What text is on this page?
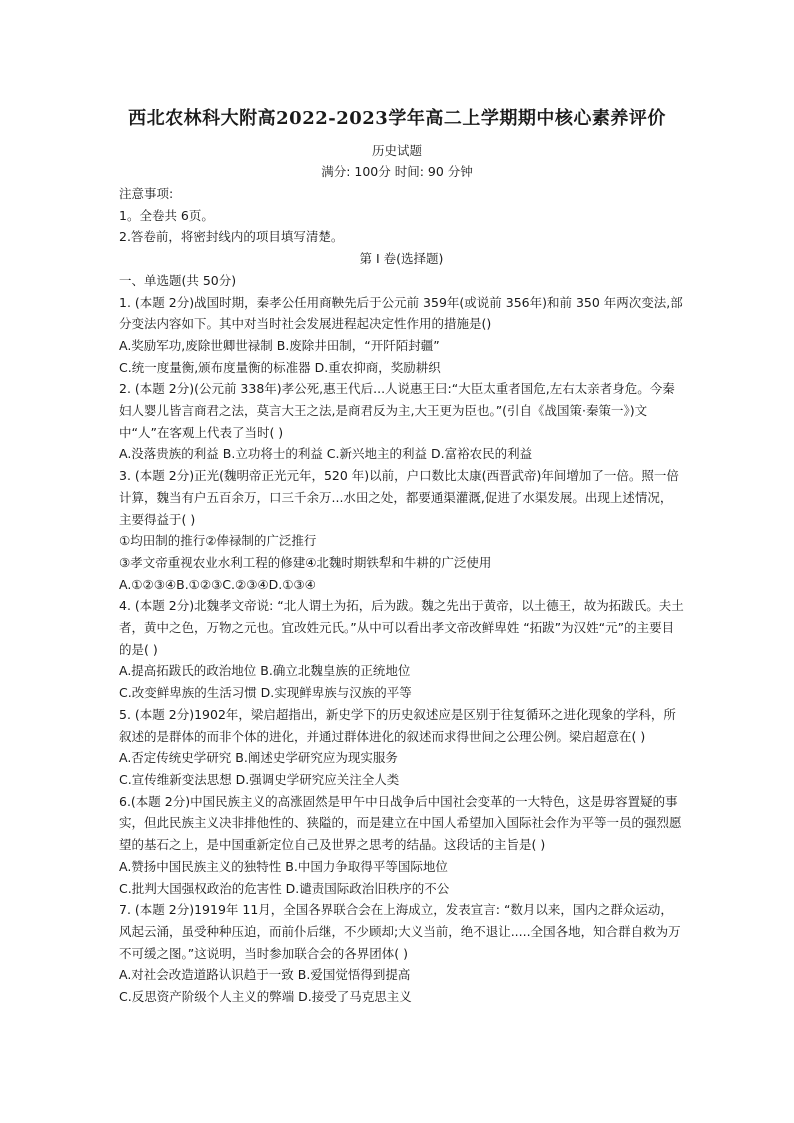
西北农林科大附高2022-2023学年高二上学期期中核心素养评价
历史试题
满分: 100分 时间: 90 分钟
注意事项:
1。全卷共 6页。
2.答卷前，将密封线内的项目填写清楚。
第 I 卷(选择题)
一、单选题(共 50分)
1. (本题 2分)战国时期，秦孝公任用商鞅先后于公元前 359年(或说前 356年)和前 350 年两次变法,部分变法内容如下。其中对当时社会发展进程起决定性作用的措施是()
A.奖励军功,废除世卿世禄制 B.废除井田制，“开阡陌封疆”
C.统一度量衡,颁布度量衡的标准器 D.重农抑商，奖励耕织
2. (本题 2分)(公元前 338年)孝公死,惠王代后...人说惠王曰:“大臣太重者国危,左右太亲者身危。今秦妇人婴儿皆言商君之法，莫言大王之法,是商君反为主,大王更为臣也。”(引自《战国策·秦策一》)文中“人”在客观上代表了当时( )
A.没落贵族的利益 B.立功将士的利益 C.新兴地主的利益 D.富裕农民的利益
3. (本题 2分)正光(魏明帝正光元年，520 年)以前，户口数比太康(西晋武帝)年间增加了一倍。照一倍计算，魏当有户五百余万，口三千余万...水田之处，都要通渠灌溉,促进了水渠发展。出现上述情况，主要得益于( )
①均田制的推行②俸禄制的广泛推行
③孝文帝重视农业水利工程的修建④北魏时期铁犁和牛耕的广泛使用
A.①②③④B.①②③C.②③④D.①③④
4. (本题 2分)北魏孝文帝说: “北人谓土为拓，后为跋。魏之先出于黄帝，以土德王，故为拓跋氏。夫土者，黄中之色，万物之元也。宜改姓元氏。”从中可以看出孝文帝改鲜卑姓 “拓跋”为汉姓“元”的主要目的是( )
A.提高拓跋氏的政治地位 B.确立北魏皇族的正统地位
C.改变鲜卑族的生活习惯 D.实现鲜卑族与汉族的平等
5. (本题 2分)1902年，梁启超指出，新史学下的历史叙述应是区别于往复循环之进化现象的学科，所叙述的是群体的而非个体的进化，并通过群体进化的叙述而求得世间之公理公例。梁启超意在( )
A.否定传统史学研究 B.阐述史学研究应为现实服务
C.宣传维新变法思想 D.强调史学研究应关注全人类
6.(本题 2分)中国民族主义的高涨固然是甲午中日战争后中国社会变革的一大特色，这是毋容置疑的事实，但此民族主义决非排他性的、狭隘的，而是建立在中国人希望加入国际社会作为平等一员的强烈愿望的基石之上，是中国重新定位自己及世界之思考的结晶。这段话的主旨是( )
A.赞扬中国民族主义的独特性 B.中国力争取得平等国际地位
C.批判大国强权政治的危害性 D.谴责国际政治旧秩序的不公
7. (本题 2分)1919年 11月，全国各界联合会在上海成立，发表宣言: “数月以来，国内之群众运动，风起云涌，虽受种种压迫，而前仆后继，不少顾却;大义当前，绝不退让.....全国各地，知合群自救为万不可缓之图。”这说明，当时参加联合会的各界团体( )
A.对社会改造道路认识趋于一致 B.爱国觉悟得到提高
C.反思资产阶级个人主义的弊端 D.接受了马克思主义
